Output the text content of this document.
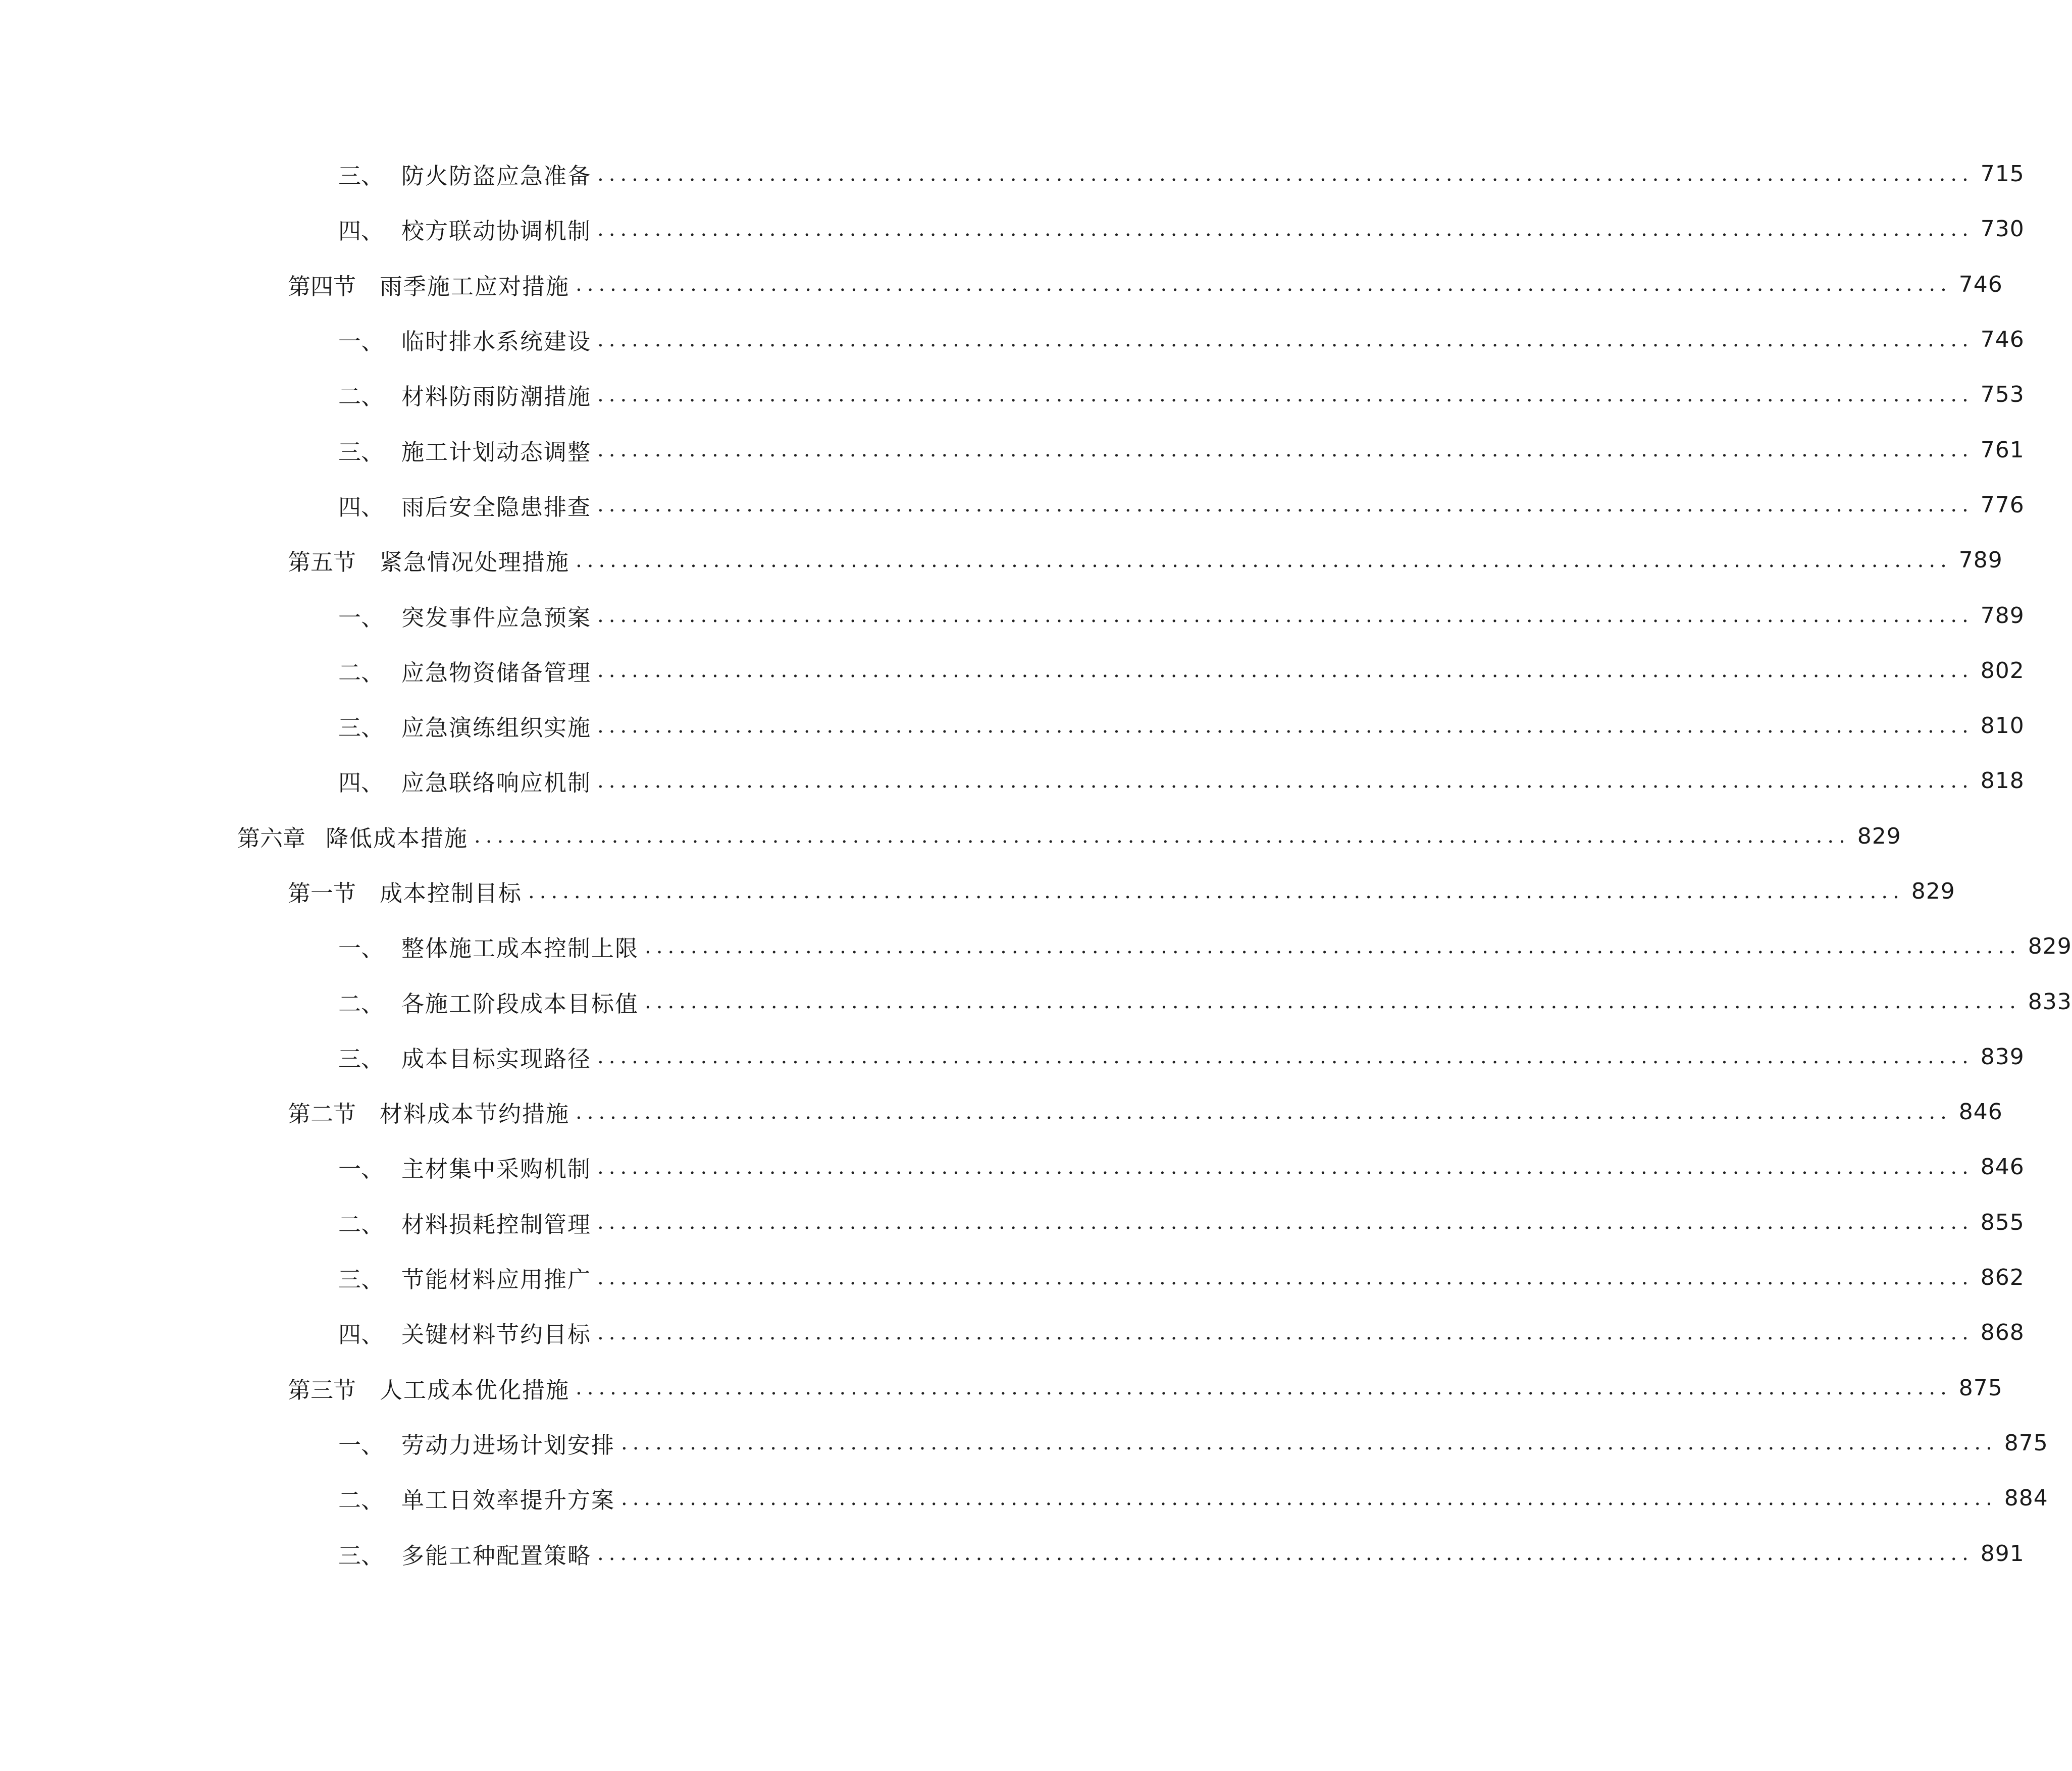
三、 防火防盗应急准备 ........................................................................................................................ 715
四、 校方联动协调机制 ........................................................................................................................ 730
第四节	雨季施工应对措施 ........................................................................................................................ 746
一、 临时排水系统建设 ........................................................................................................................ 746
二、 材料防雨防潮措施 ........................................................................................................................ 753
三、 施工计划动态调整 ........................................................................................................................ 761
四、 雨后安全隐患排查 ........................................................................................................................ 776
第五节	紧急情况处理措施 ........................................................................................................................ 789
一、 突发事件应急预案 ........................................................................................................................ 789
二、 应急物资储备管理 ........................................................................................................................ 802
三、 应急演练组织实施 ........................................................................................................................ 810
四、 应急联络响应机制 ........................................................................................................................ 818
第六章 降低成本措施 ........................................................................................................................ 829
第一节	成本控制目标 ........................................................................................................................ 829
一、 整体施工成本控制上限 ........................................................................................................................ 829
二、 各施工阶段成本目标值 ........................................................................................................................ 833
三、 成本目标实现路径 ........................................................................................................................ 839
第二节	材料成本节约措施 ........................................................................................................................ 846
一、 主材集中采购机制 ........................................................................................................................ 846
二、 材料损耗控制管理 ........................................................................................................................ 855
三、 节能材料应用推广 ........................................................................................................................ 862
四、 关键材料节约目标 ........................................................................................................................ 868
第三节	人工成本优化措施 ........................................................................................................................ 875
一、 劳动力进场计划安排 ........................................................................................................................ 875
二、 单工日效率提升方案 ........................................................................................................................ 884
三、 多能工种配置策略 ........................................................................................................................ 891
